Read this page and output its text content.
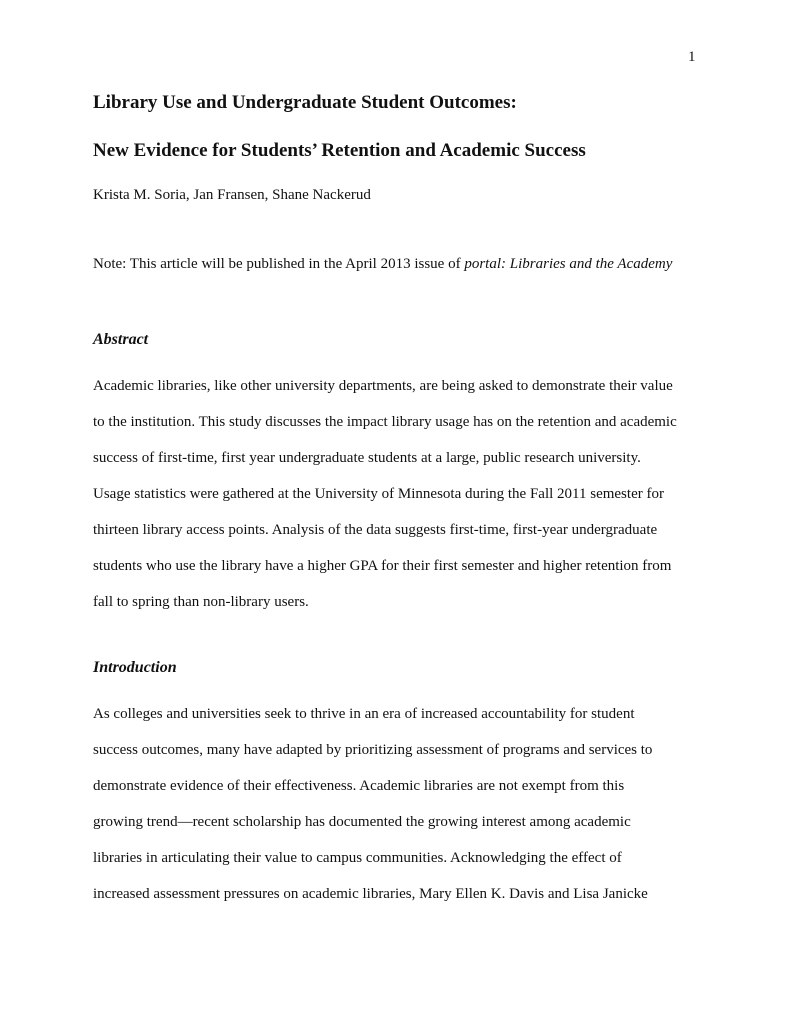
1
Library Use and Undergraduate Student Outcomes:
New Evidence for Students’ Retention and Academic Success
Krista M. Soria, Jan Fransen, Shane Nackerud
Note: This article will be published in the April 2013 issue of portal: Libraries and the Academy
Abstract
Academic libraries, like other university departments, are being asked to demonstrate their value
to the institution. This study discusses the impact library usage has on the retention and academic
success of first-time, first year undergraduate students at a large, public research university.
Usage statistics were gathered at the University of Minnesota during the Fall 2011 semester for
thirteen library access points. Analysis of the data suggests first-time, first-year undergraduate
students who use the library have a higher GPA for their first semester and higher retention from
fall to spring than non-library users.
Introduction
As colleges and universities seek to thrive in an era of increased accountability for student
success outcomes, many have adapted by prioritizing assessment of programs and services to
demonstrate evidence of their effectiveness. Academic libraries are not exempt from this
growing trend—recent scholarship has documented the growing interest among academic
libraries in articulating their value to campus communities. Acknowledging the effect of
increased assessment pressures on academic libraries, Mary Ellen K. Davis and Lisa Janicke
